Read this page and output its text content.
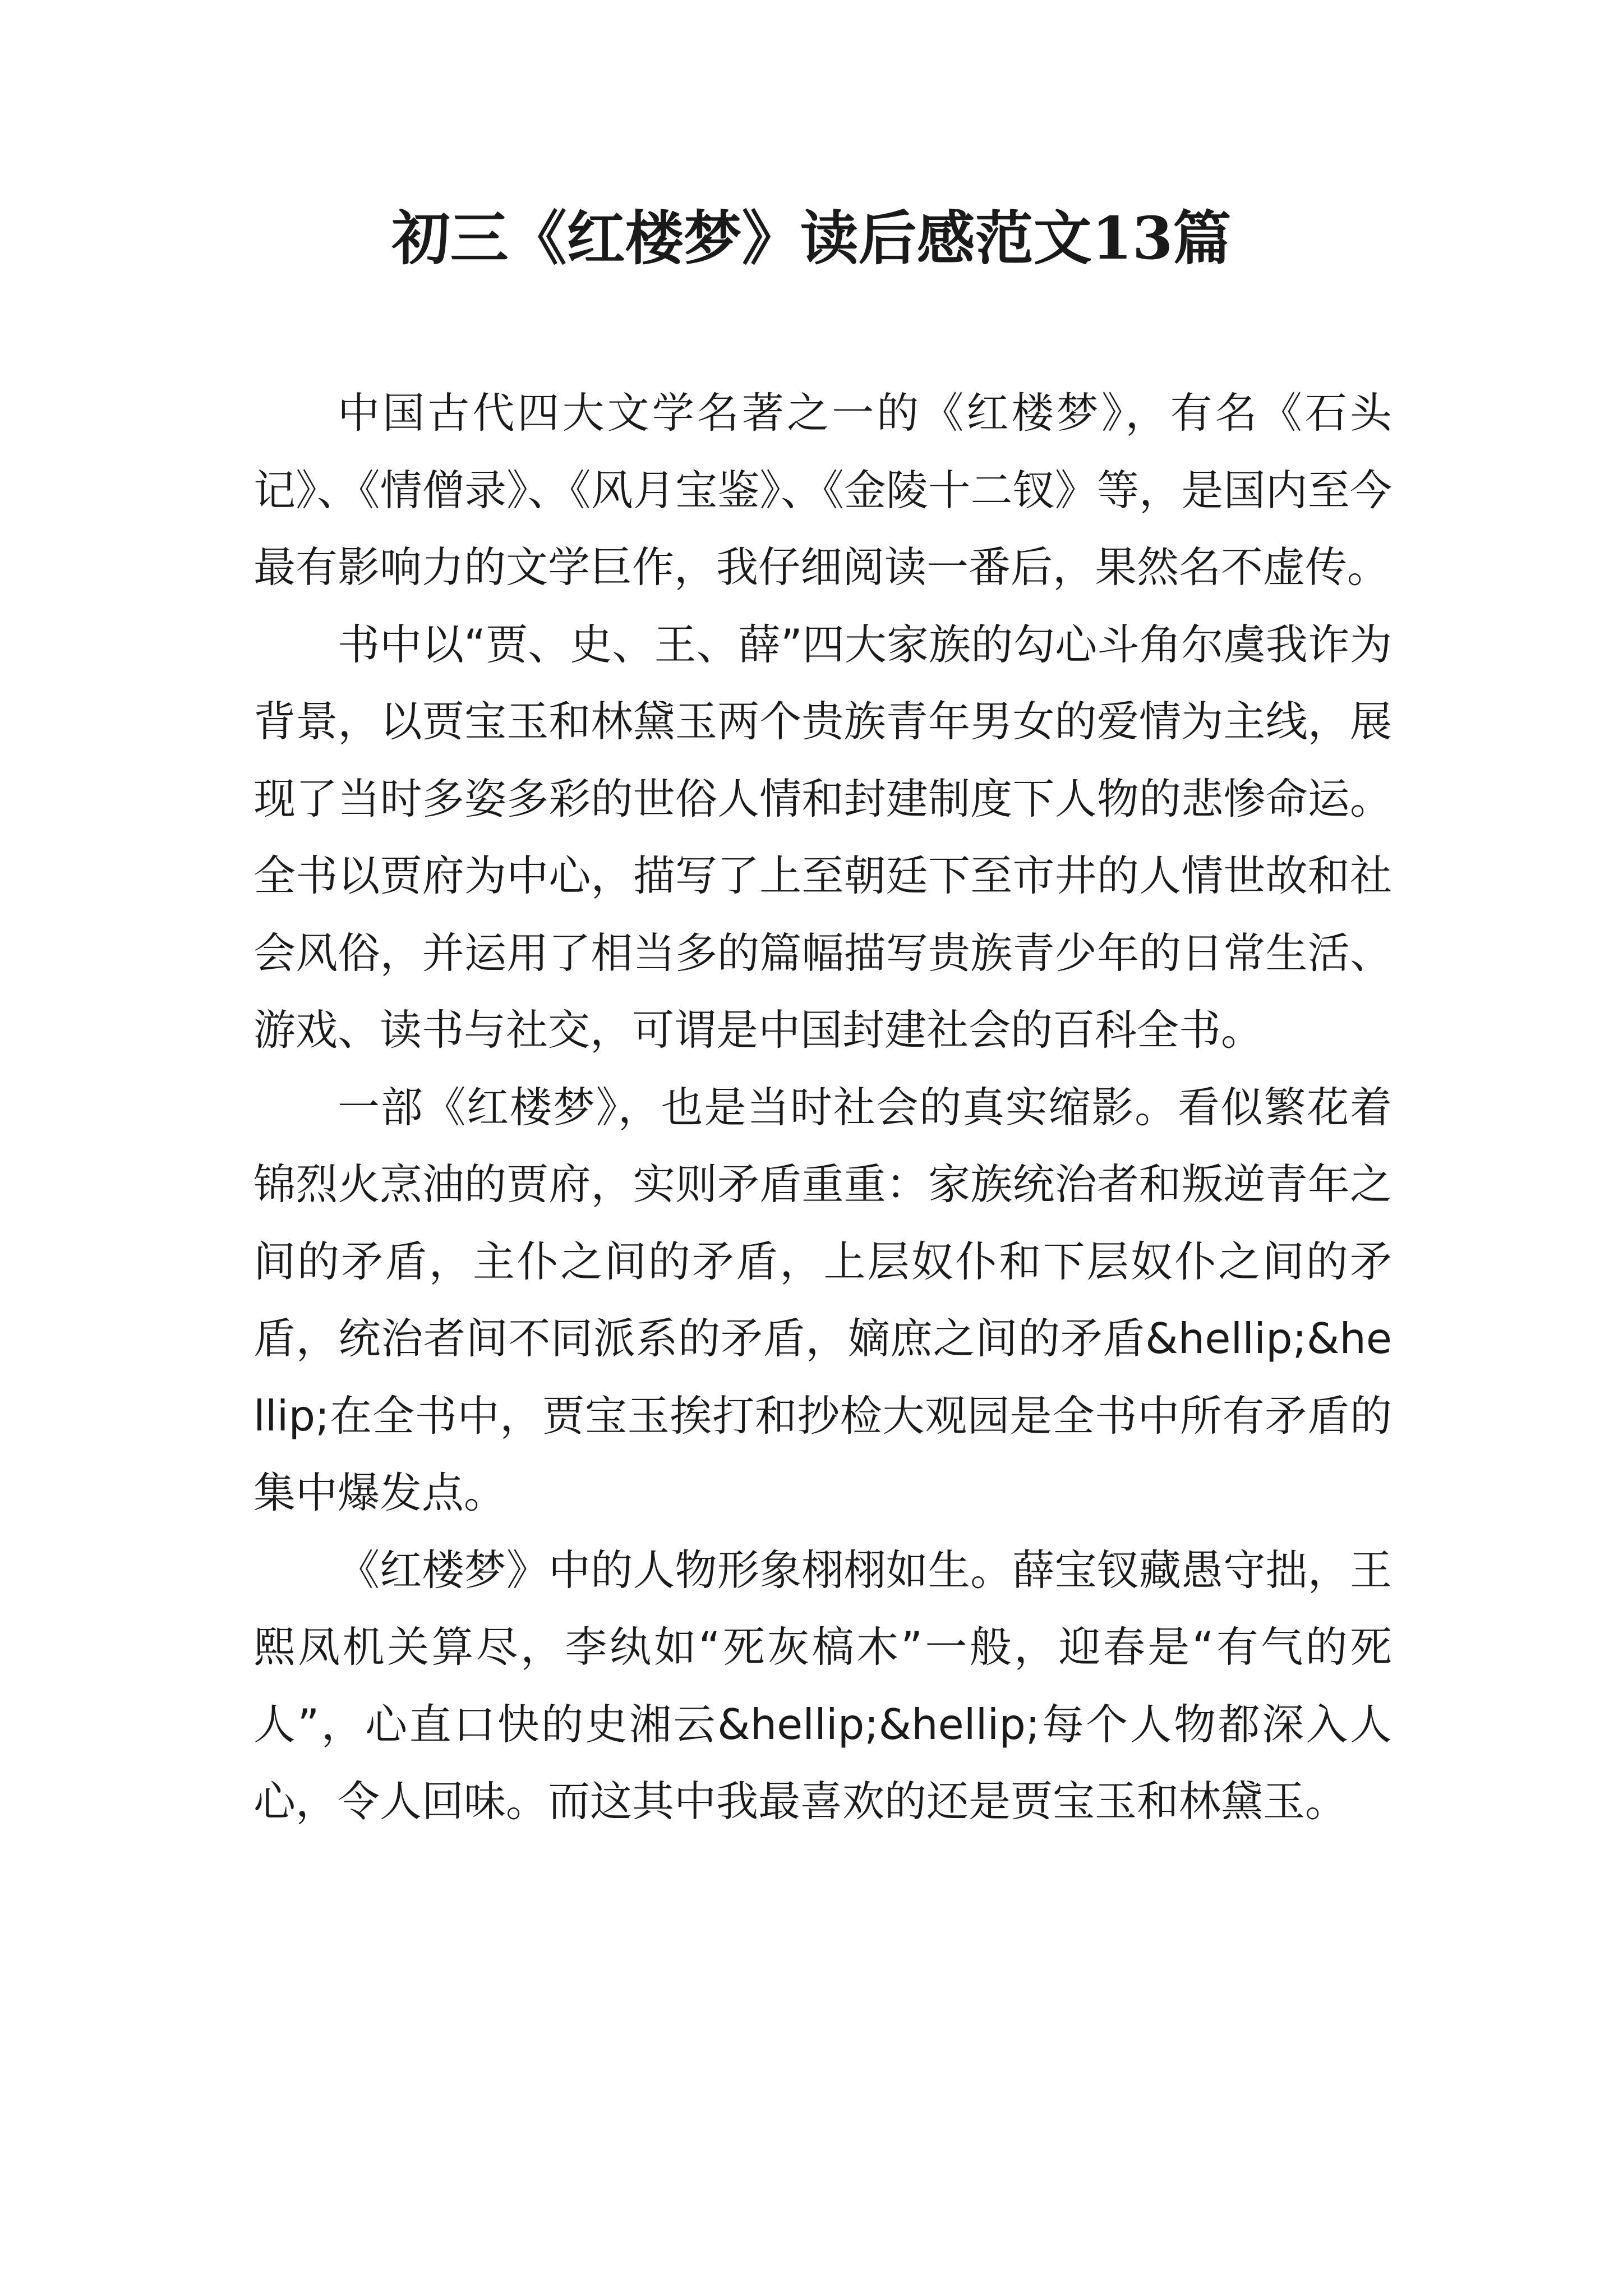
初三《红楼梦》读后感范文13篇

中国古代四大文学名著之一的《红楼梦》，有名《石头记》、《情僧录》、《风月宝鉴》、《金陵十二钗》等，是国内至今最有影响力的文学巨作，我仔细阅读一番后，果然名不虚传。

书中以“贾、史、王、薛”四大家族的勾心斗角尔虞我诈为背景，以贾宝玉和林黛玉两个贵族青年男女的爱情为主线，展现了当时多姿多彩的世俗人情和封建制度下人物的悲惨命运。全书以贾府为中心，描写了上至朝廷下至市井的人情世故和社会风俗，并运用了相当多的篇幅描写贵族青少年的日常生活、游戏、读书与社交，可谓是中国封建社会的百科全书。

一部《红楼梦》，也是当时社会的真实缩影。看似繁花着锦烈火烹油的贾府，实则矛盾重重：家族统治者和叛逆青年之间的矛盾，主仆之间的矛盾，上层奴仆和下层奴仆之间的矛盾，统治者间不同派系的矛盾，嫡庶之间的矛盾&hellip;&hellip;在全书中，贾宝玉挨打和抄检大观园是全书中所有矛盾的集中爆发点。

《红楼梦》中的人物形象栩栩如生。薛宝钗藏愚守拙，王熙凤机关算尽，李纨如“死灰槁木”一般，迎春是“有气的死人”，心直口快的史湘云&hellip;&hellip;每个人物都深入人心，令人回味。而这其中我最喜欢的还是贾宝玉和林黛玉。
